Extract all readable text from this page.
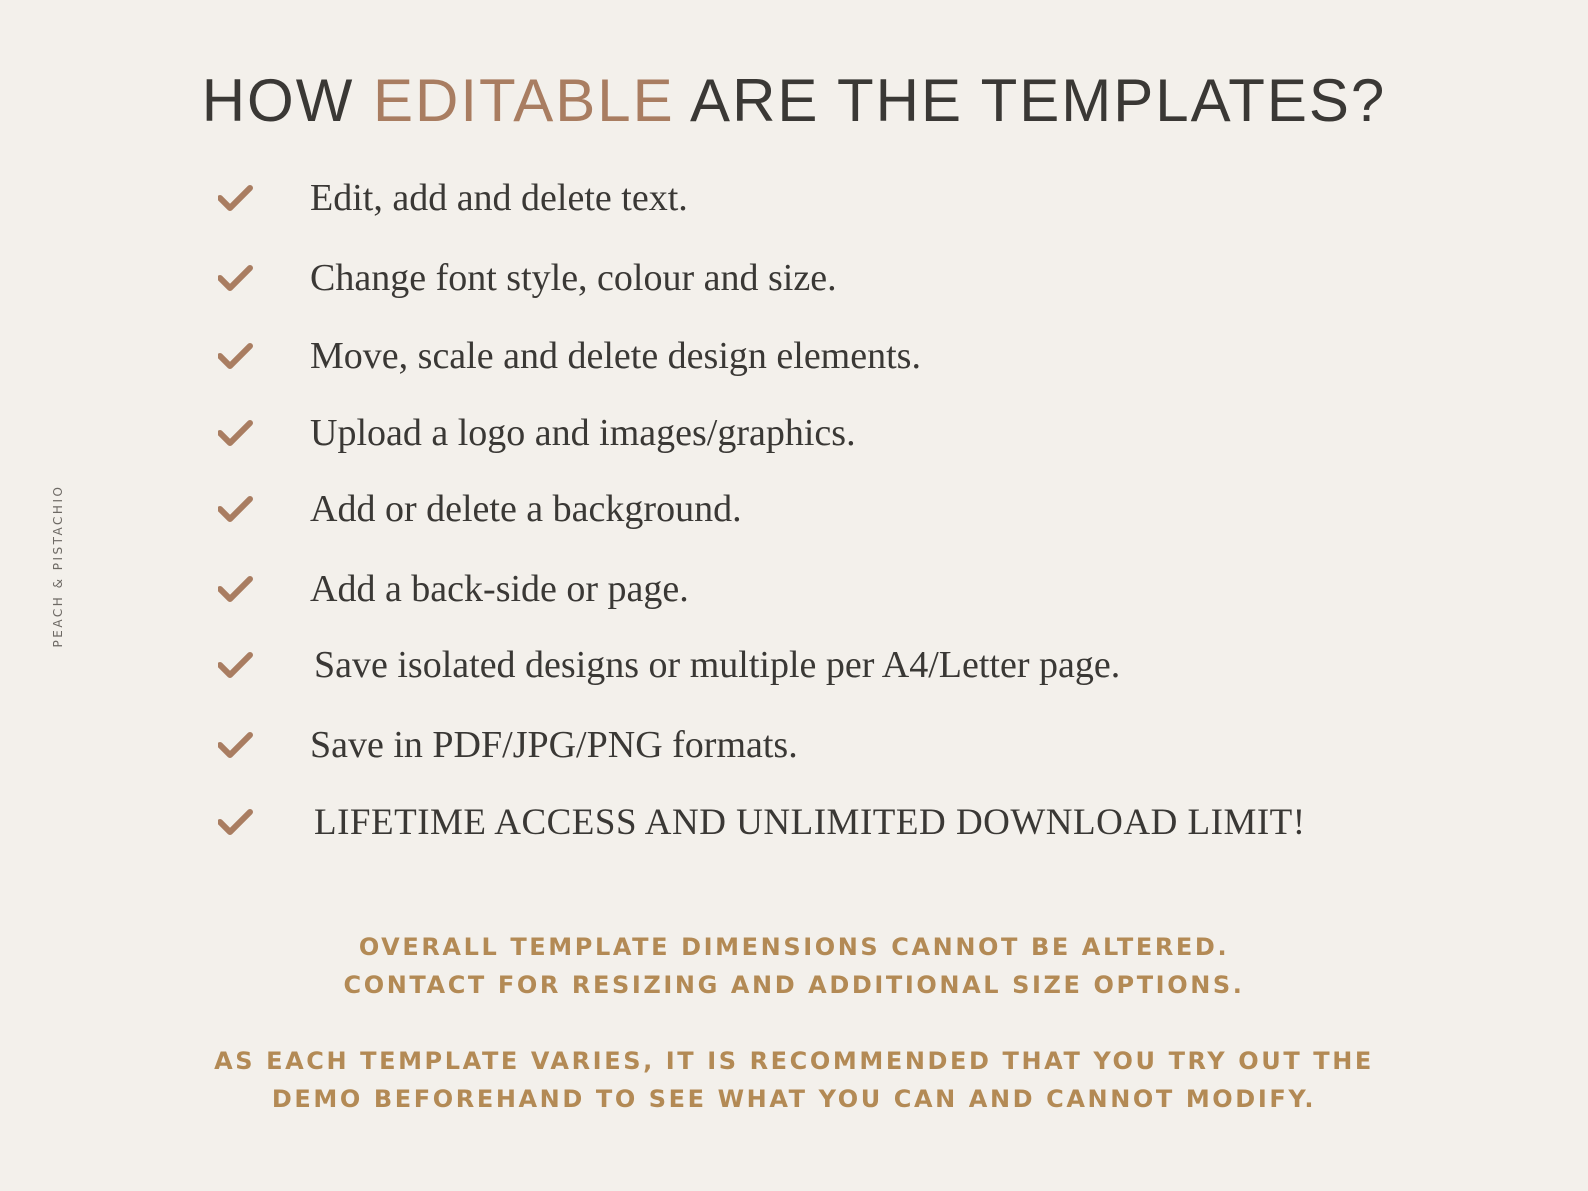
PEACH & PISTACHIO
HOW EDITABLE ARE THE TEMPLATES?
Edit, add and delete text.
Change font style, colour and size.
Move, scale and delete design elements.
Upload a logo and images/graphics.
Add or delete a background.
Add a back-side or page.
Save isolated designs or multiple per A4/Letter page.
Save in PDF/JPG/PNG formats.
LIFETIME ACCESS AND UNLIMITED DOWNLOAD LIMIT!
OVERALL TEMPLATE DIMENSIONS CANNOT BE ALTERED.
CONTACT FOR RESIZING AND ADDITIONAL SIZE OPTIONS.
AS EACH TEMPLATE VARIES, IT IS RECOMMENDED THAT YOU TRY OUT THE
DEMO BEFOREHAND TO SEE WHAT YOU CAN AND CANNOT MODIFY.
